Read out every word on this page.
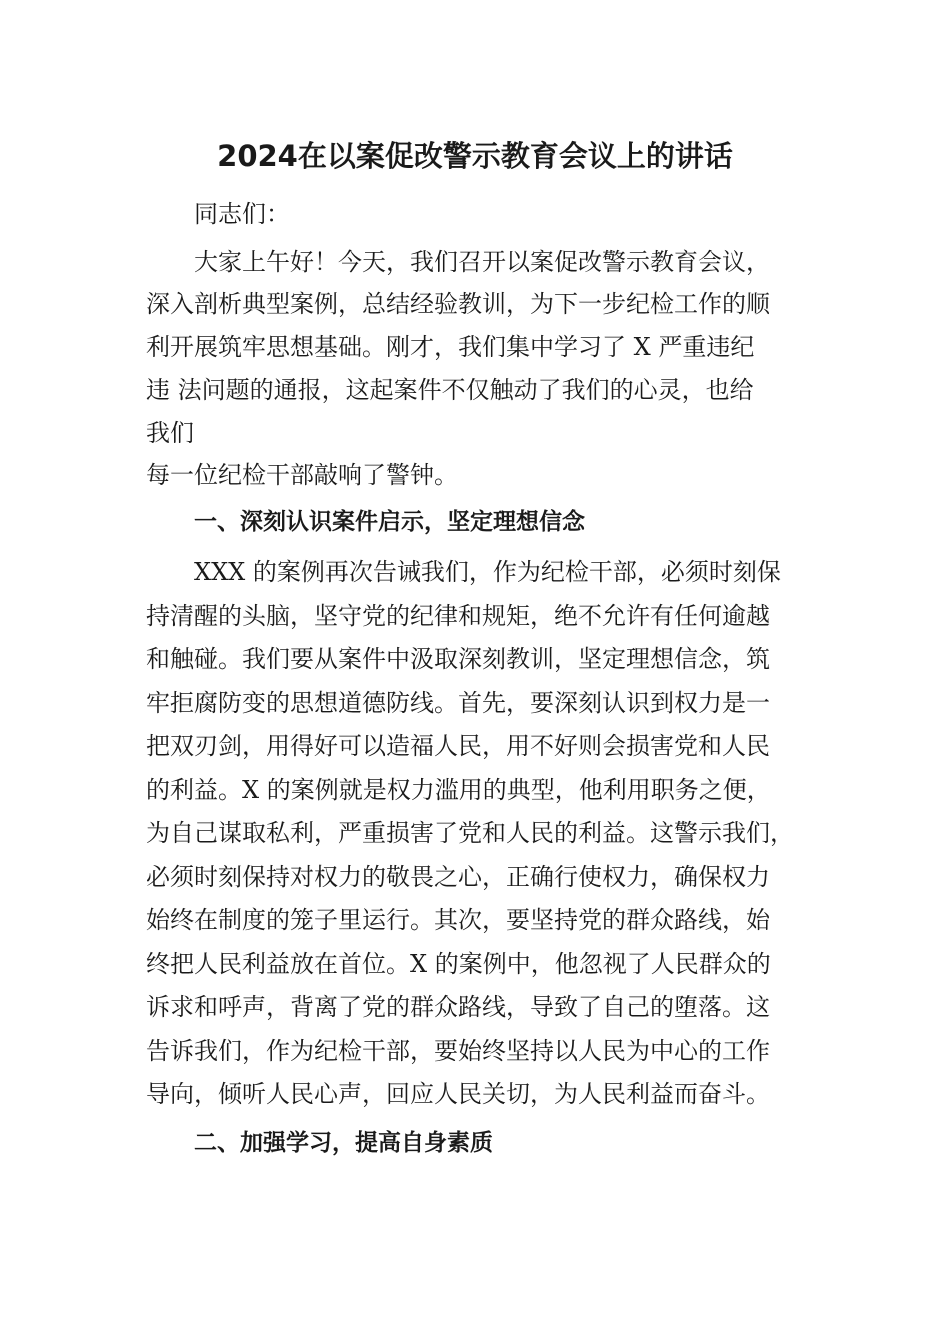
2024在以案促改警示教育会议上的讲话

同志们：

大家上午好！今天，我们召开以案促改警示教育会议，

深入剖析典型案例，总结经验教训，为下一步纪检工作的顺

利开展筑牢思想基础。刚才，我们集中学习了 X 严重违纪

违 法问题的通报，这起案件不仅触动了我们的心灵，也给

我们

每一位纪检干部敲响了警钟。

一、深刻认识案件启示，坚定理想信念

XXX 的案例再次告诫我们，作为纪检干部，必须时刻保

持清醒的头脑，坚守党的纪律和规矩，绝不允许有任何逾越

和触碰。我们要从案件中汲取深刻教训，坚定理想信念，筑

牢拒腐防变的思想道德防线。首先，要深刻认识到权力是一

把双刃剑，用得好可以造福人民，用不好则会损害党和人民

的利益。X 的案例就是权力滥用的典型，他利用职务之便，

为自己谋取私利，严重损害了党和人民的利益。这警示我们，

必须时刻保持对权力的敬畏之心，正确行使权力，确保权力

始终在制度的笼子里运行。其次，要坚持党的群众路线，始

终把人民利益放在首位。X 的案例中，他忽视了人民群众的

诉求和呼声，背离了党的群众路线，导致了自己的堕落。这

告诉我们，作为纪检干部，要始终坚持以人民为中心的工作

导向，倾听人民心声，回应人民关切，为人民利益而奋斗。

二、加强学习，提高自身素质
